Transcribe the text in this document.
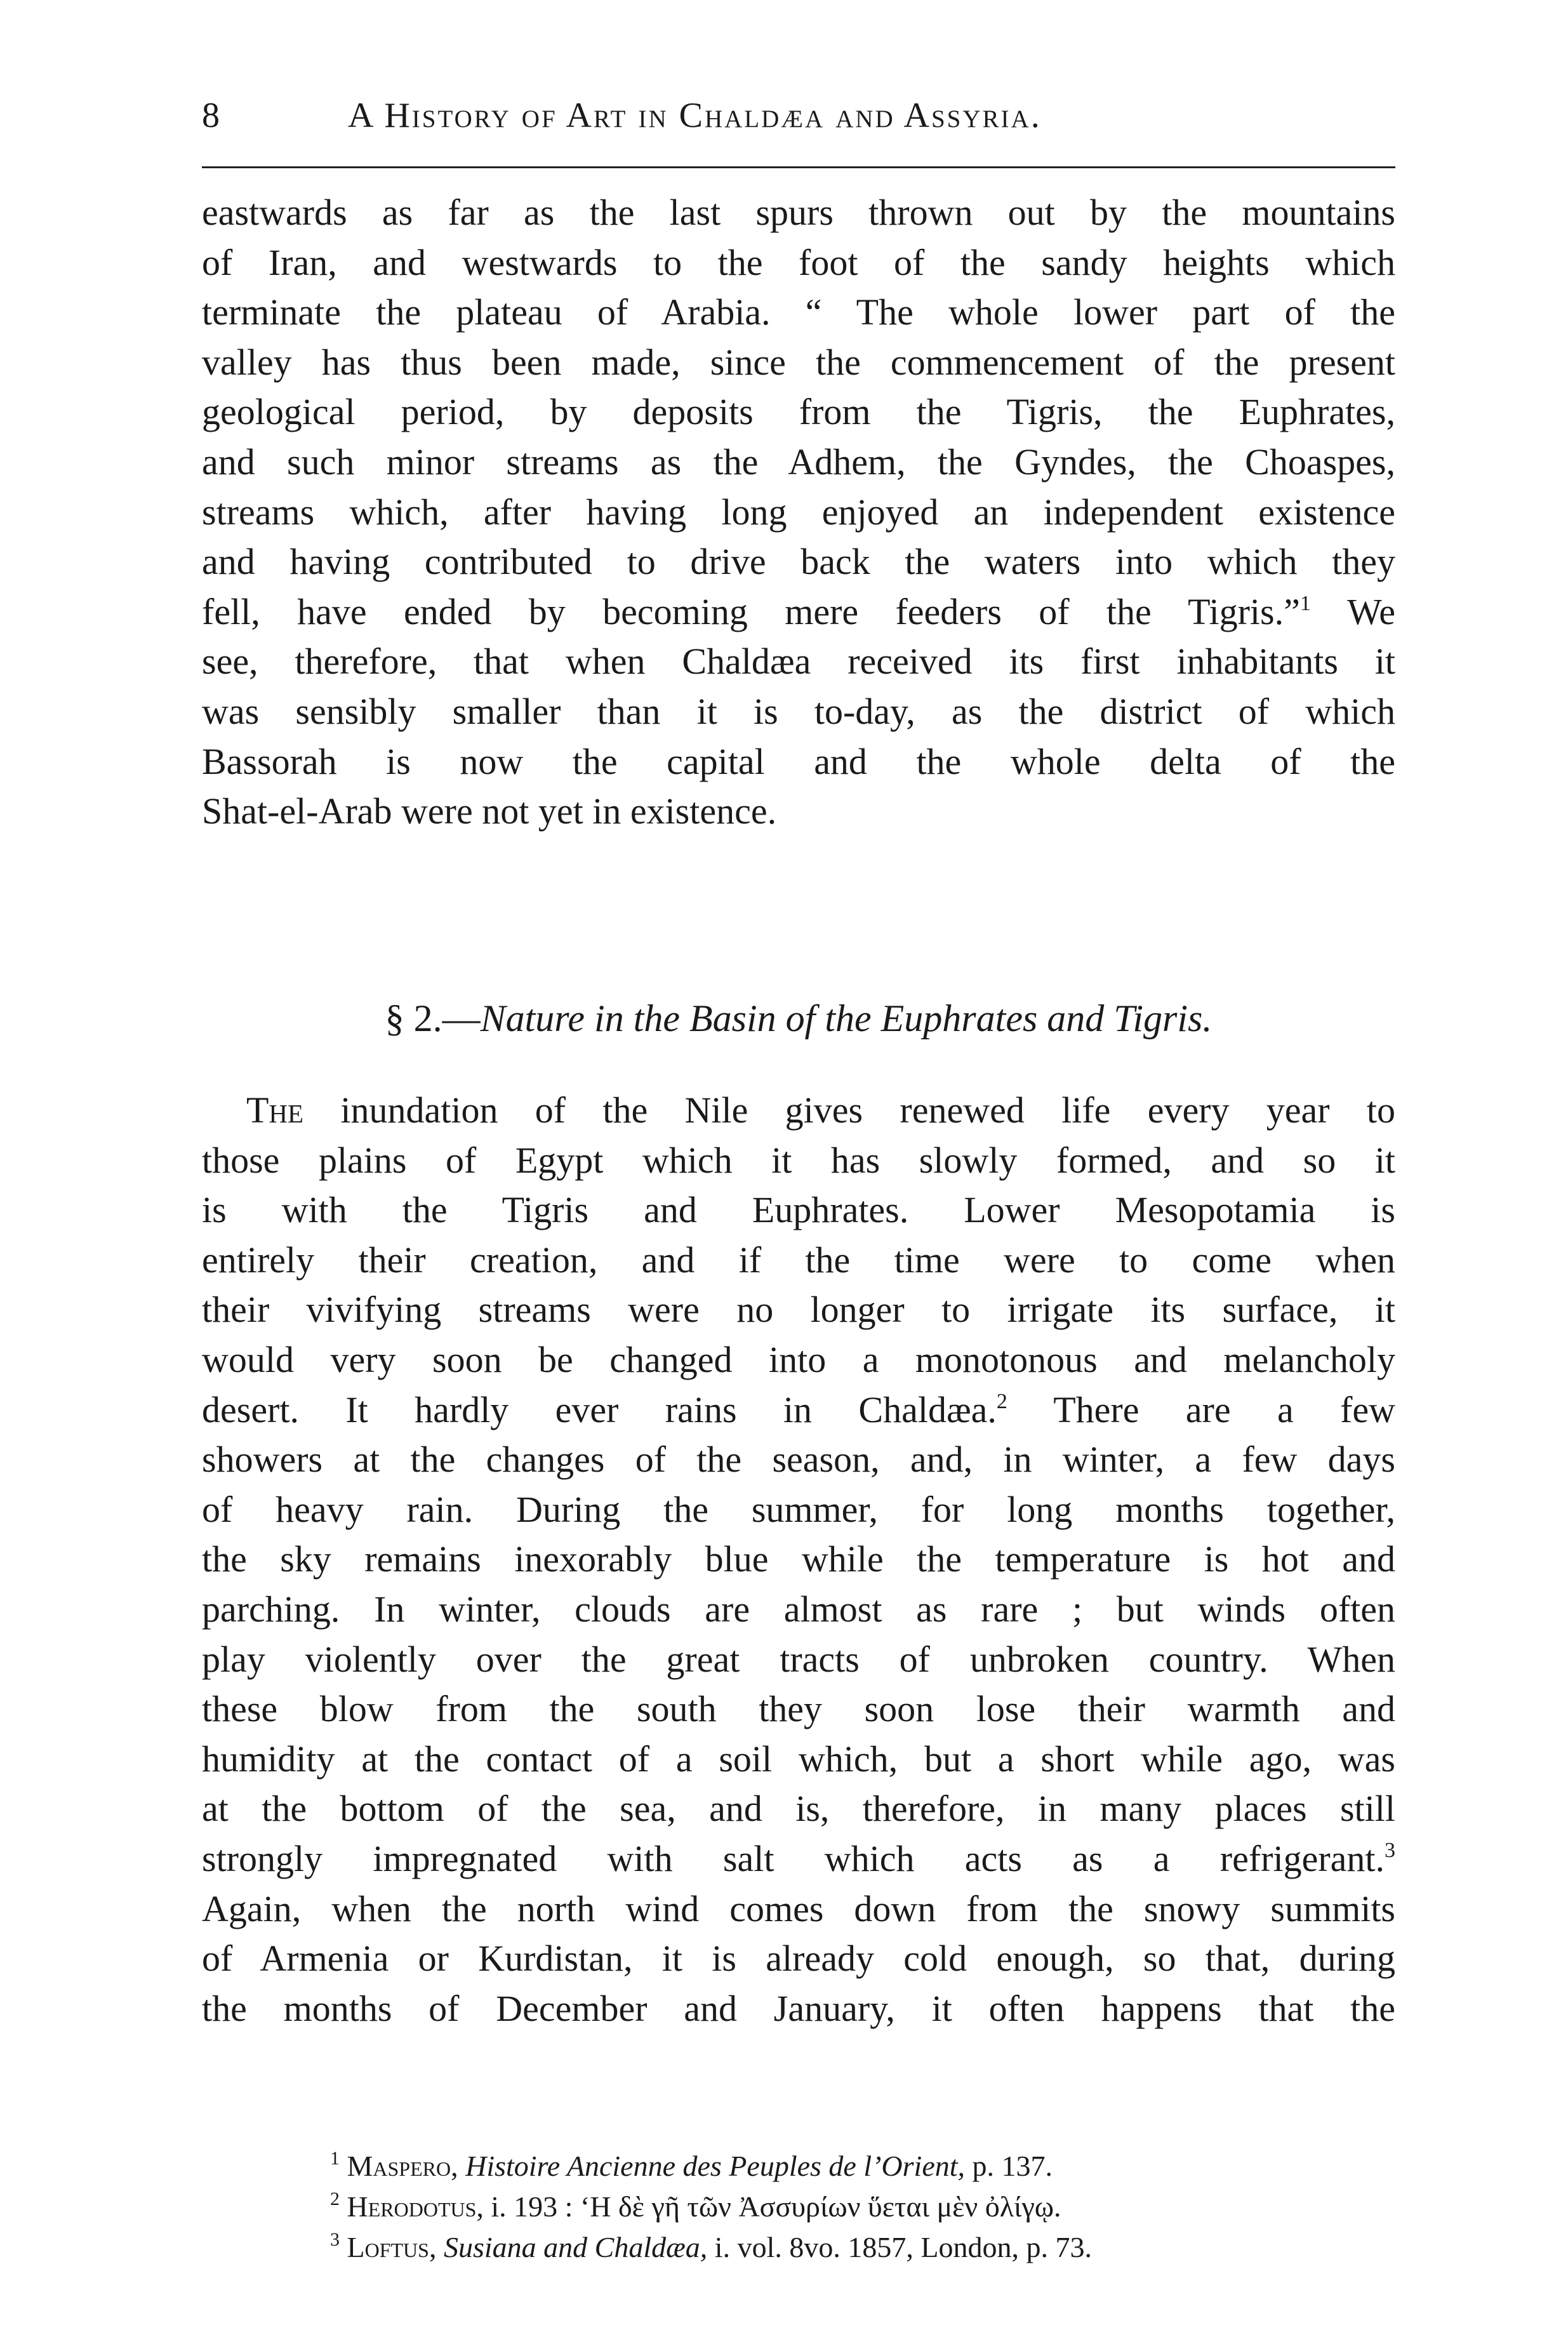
8	A History of Art in Chaldæa and Assyria.
eastwards as far as the last spurs thrown out by the mountains
of Iran, and westwards to the foot of the sandy heights which
terminate the plateau of Arabia. “ The whole lower part of the
valley has thus been made, since the commencement of the present
geological period, by deposits from the Tigris, the Euphrates,
and such minor streams as the Adhem, the Gyndes, the Choaspes,
streams which, after having long enjoyed an independent existence
and having contributed to drive back the waters into which they
fell, have ended by becoming mere feeders of the Tigris.”$^1$ We
see, therefore, that when Chaldæa received its first inhabitants it
was sensibly smaller than it is to-day, as the district of which
Bassorah is now the capital and the whole delta of the
Shat-el-Arab were not yet in existence.
§ 2.—Nature in the Basin of the Euphrates and Tigris.
The inundation of the Nile gives renewed life every year to
those plains of Egypt which it has slowly formed, and so it
is with the Tigris and Euphrates. Lower Mesopotamia is
entirely their creation, and if the time were to come when
their vivifying streams were no longer to irrigate its surface, it
would very soon be changed into a monotonous and melancholy
desert. It hardly ever rains in Chaldæa.$^2$ There are a few
showers at the changes of the season, and, in winter, a few days
of heavy rain. During the summer, for long months together,
the sky remains inexorably blue while the temperature is hot and
parching. In winter, clouds are almost as rare ; but winds often
play violently over the great tracts of unbroken country. When
these blow from the south they soon lose their warmth and
humidity at the contact of a soil which, but a short while ago, was
at the bottom of the sea, and is, therefore, in many places still
strongly impregnated with salt which acts as a refrigerant.$^3$
Again, when the north wind comes down from the snowy summits
of Armenia or Kurdistan, it is already cold enough, so that, during
the months of December and January, it often happens that the
$^1$ Maspero, Histoire Ancienne des Peuples de l’Orient, p. 137.
$^2$ Herodotus, i. 193 : ‘Η δὲ γῆ τῶν Ἀσσυρίων ὕεται μὲν ὀλίγῳ.
$^3$ Loftus, Susiana and Chaldæa, i. vol. 8vo. 1857, London, p. 73.
